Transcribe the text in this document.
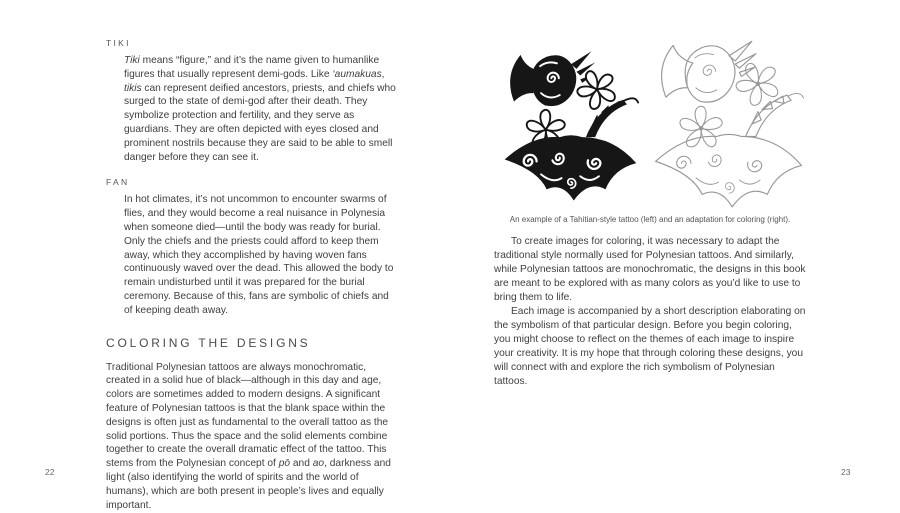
TIKI

Tiki means “figure,” and it’s the name given to humanlike figures that usually represent demi-gods. Like ‘aumakuas, tikis can represent deified ancestors, priests, and chiefs who surged to the state of demi-god after their death. They symbolize protection and fertility, and they serve as guardians. They are often depicted with eyes closed and prominent nostrils because they are said to be able to smell danger before they can see it.

FAN

In hot climates, it’s not uncommon to encounter swarms of flies, and they would become a real nuisance in Polynesia when someone died—until the body was ready for burial. Only the chiefs and the priests could afford to keep them away, which they accomplished by having woven fans continuously waved over the dead. This allowed the body to remain undisturbed until it was prepared for the burial ceremony. Because of this, fans are symbolic of chiefs and of keeping death away.

COLORING THE DESIGNS

Traditional Polynesian tattoos are always monochromatic, created in a solid hue of black—although in this day and age, colors are sometimes added to modern designs. A significant feature of Polynesian tattoos is that the blank space within the designs is often just as fundamental to the overall tattoo as the solid portions. Thus the space and the solid elements combine together to create the overall dramatic effect of the tattoo. This stems from the Polynesian concept of pō and ao, darkness and light (also identifying the world of spirits and the world of humans), which are both present in people’s lives and equally important.

An example of a Tahitian-style tattoo (left) and an adaptation for coloring (right).

To create images for coloring, it was necessary to adapt the traditional style normally used for Polynesian tattoos. And similarly, while Polynesian tattoos are monochromatic, the designs in this book are meant to be explored with as many colors as you’d like to use to bring them to life.

Each image is accompanied by a short description elaborating on the symbolism of that particular design. Before you begin coloring, you might choose to reflect on the themes of each image to inspire your creativity. It is my hope that through coloring these designs, you will connect with and explore the rich symbolism of Polynesian tattoos.

22	23
